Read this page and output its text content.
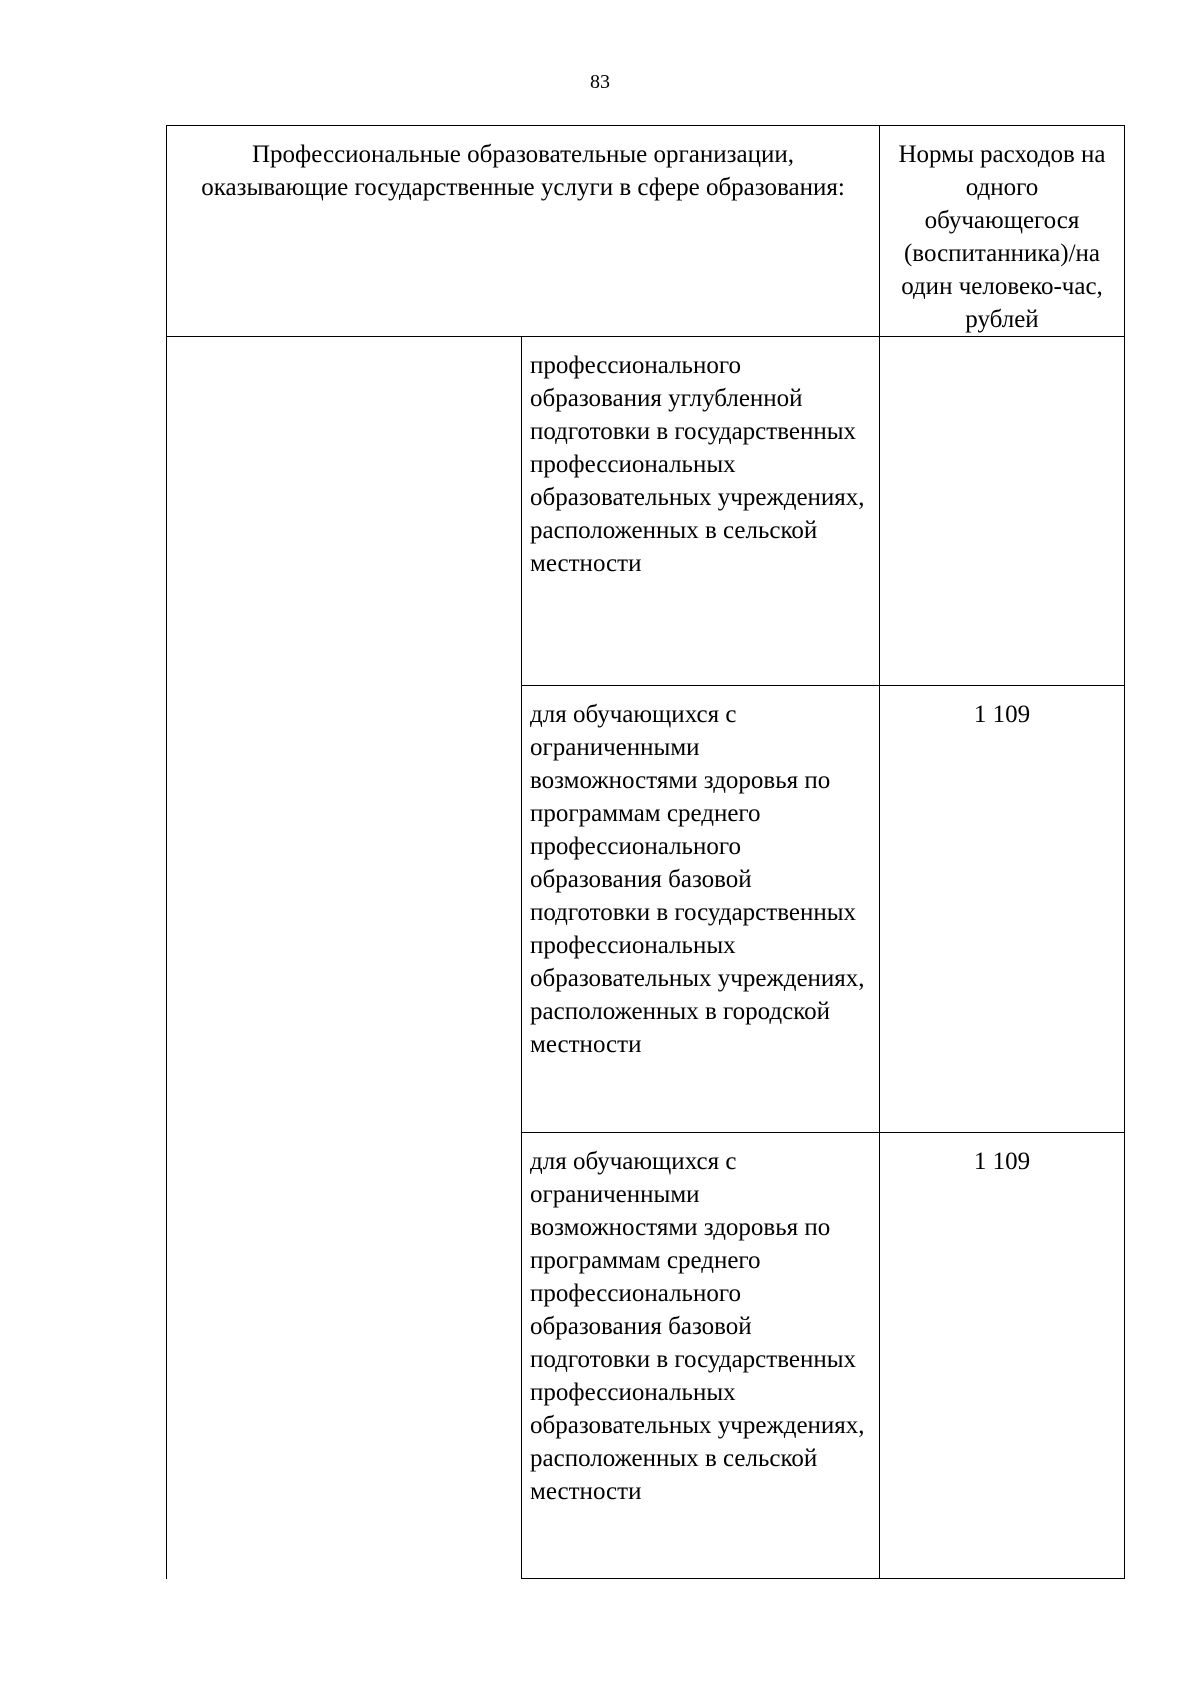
83
Профессиональные образовательные организации, оказывающие государственные услуги в сфере образования:		Нормы расходов на одного обучающегося (воспитанника)/на один человеко-час, рублей
	профессионального образования углубленной подготовки в государственных профессиональных образовательных учреждениях, расположенных в сельской местности	
	для обучающихся с ограниченными возможностями здоровья по программам среднего профессионального образования базовой подготовки в государственных профессиональных образовательных учреждениях, расположенных в городской местности	1 109
	для обучающихся с ограниченными возможностями здоровья по программам среднего профессионального образования базовой подготовки в государственных профессиональных образовательных учреждениях, расположенных в сельской местности	1 109
